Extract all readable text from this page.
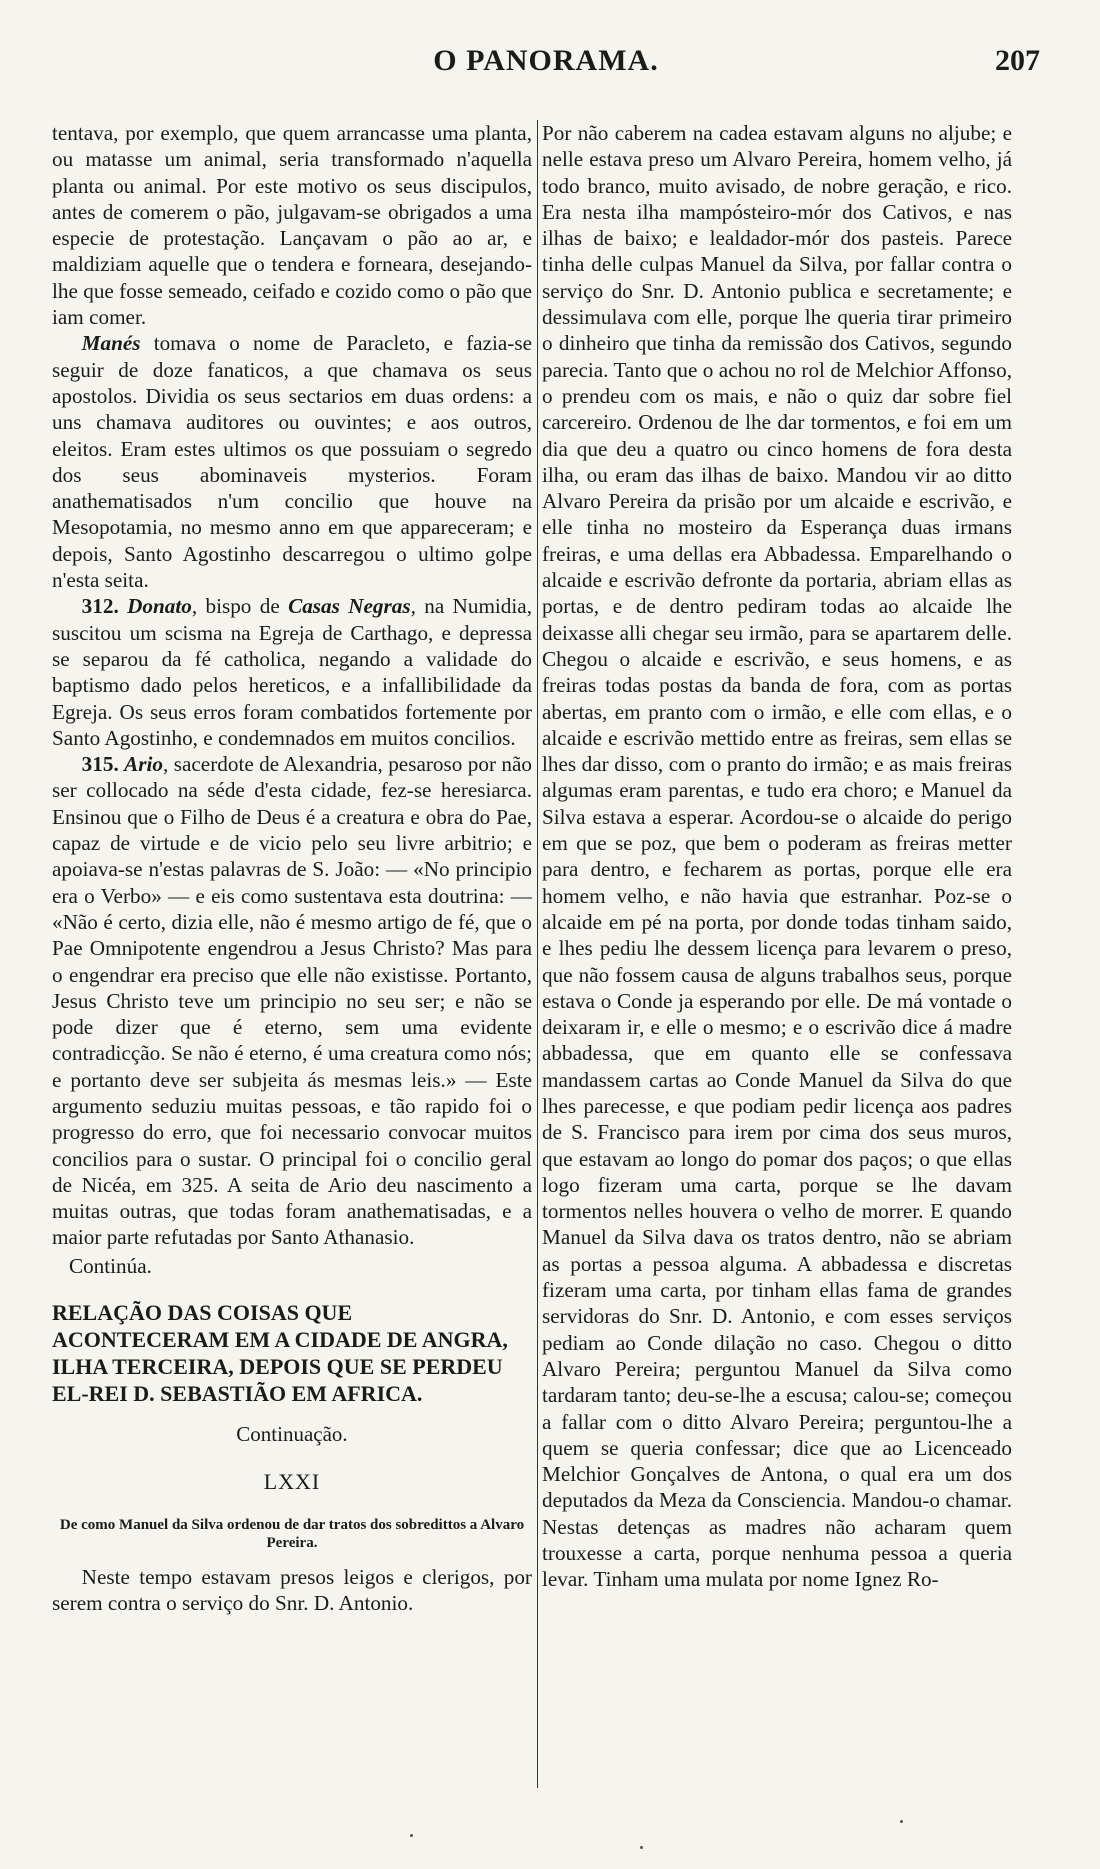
O PANORAMA.	207

tentava, por exemplo, que quem arrancasse uma planta, ou matasse um animal, seria transformado n'aquella planta ou animal. Por este motivo os seus discipulos, antes de comerem o pão, julgavam-se obrigados a uma especie de protestação. Lançavam o pão ao ar, e maldiziam aquelle que o tendera e forneara, desejando-lhe que fosse semeado, ceifado e cozido como o pão que iam comer.

Manés tomava o nome de Paracleto, e fazia-se seguir de doze fanaticos, a que chamava os seus apostolos. Dividia os seus sectarios em duas ordens: a uns chamava auditores ou ouvintes; e aos outros, eleitos. Eram estes ultimos os que possuiam o segredo dos seus abominaveis mysterios. Foram anathematisados n'um concilio que houve na Mesopotamia, no mesmo anno em que appareceram; e depois, Santo Agostinho descarregou o ultimo golpe n'esta seita.

312. Donato, bispo de Casas Negras, na Numidia, suscitou um scisma na Egreja de Carthago, e depressa se separou da fé catholica, negando a validade do baptismo dado pelos hereticos, e a infallibilidade da Egreja. Os seus erros foram combatidos fortemente por Santo Agostinho, e condemnados em muitos concilios.

315. Ario, sacerdote de Alexandria, pesaroso por não ser collocado na séde d'esta cidade, fez-se heresiarca. Ensinou que o Filho de Deus é a creatura e obra do Pae, capaz de virtude e de vicio pelo seu livre arbitrio; e apoiava-se n'estas palavras de S. João: — «No principio era o Verbo» — e eis como sustentava esta doutrina: — «Não é certo, dizia elle, não é mesmo artigo de fé, que o Pae Omnipotente engendrou a Jesus Christo? Mas para o engendrar era preciso que elle não existisse. Portanto, Jesus Christo teve um principio no seu ser; e não se pode dizer que é eterno, sem uma evidente contradicção. Se não é eterno, é uma creatura como nós; e portanto deve ser subjeita ás mesmas leis.» — Este argumento seduziu muitas pessoas, e tão rapido foi o progresso do erro, que foi necessario convocar muitos concilios para o sustar. O principal foi o concilio geral de Nicéa, em 325. A seita de Ario deu nascimento a muitas outras, que todas foram anathematisadas, e a maior parte refutadas por Santo Athanasio.

Continúa.

RELAÇÃO DAS COISAS QUE ACONTECERAM EM A CIDADE DE ANGRA, ILHA TERCEIRA, DEPOIS QUE SE PERDEU EL-REI D. SEBASTIÃO EM AFRICA.

Continuação.

LXXI

De como Manuel da Silva ordenou de dar tratos dos sobredittos a Alvaro Pereira.

Neste tempo estavam presos leigos e clerigos, por serem contra o serviço do Snr. D. Antonio.

Por não caberem na cadea estavam alguns no aljube; e nelle estava preso um Alvaro Pereira, homem velho, já todo branco, muito avisado, de nobre geração, e rico. Era nesta ilha mampósteiro-mór dos Cativos, e nas ilhas de baixo; e lealdador-mór dos pasteis. Parece tinha delle culpas Manuel da Silva, por fallar contra o serviço do Snr. D. Antonio publica e secretamente; e dessimulava com elle, porque lhe queria tirar primeiro o dinheiro que tinha da remissão dos Cativos, segundo parecia. Tanto que o achou no rol de Melchior Affonso, o prendeu com os mais, e não o quiz dar sobre fiel carcereiro. Ordenou de lhe dar tormentos, e foi em um dia que deu a quatro ou cinco homens de fora desta ilha, ou eram das ilhas de baixo. Mandou vir ao ditto Alvaro Pereira da prisão por um alcaide e escrivão, e elle tinha no mosteiro da Esperança duas irmans freiras, e uma dellas era Abbadessa. Emparelhando o alcaide e escrivão defronte da portaria, abriam ellas as portas, e de dentro pediram todas ao alcaide lhe deixasse alli chegar seu irmão, para se apartarem delle. Chegou o alcaide e escrivão, e seus homens, e as freiras todas postas da banda de fora, com as portas abertas, em pranto com o irmão, e elle com ellas, e o alcaide e escrivão mettido entre as freiras, sem ellas se lhes dar disso, com o pranto do irmão; e as mais freiras algumas eram parentas, e tudo era choro; e Manuel da Silva estava a esperar. Acordou-se o alcaide do perigo em que se poz, que bem o poderam as freiras metter para dentro, e fecharem as portas, porque elle era homem velho, e não havia que estranhar. Poz-se o alcaide em pé na porta, por donde todas tinham saido, e lhes pediu lhe dessem licença para levarem o preso, que não fossem causa de alguns trabalhos seus, porque estava o Conde ja esperando por elle. De má vontade o deixaram ir, e elle o mesmo; e o escrivão dice á madre abbadessa, que em quanto elle se confessava mandassem cartas ao Conde Manuel da Silva do que lhes parecesse, e que podiam pedir licença aos padres de S. Francisco para irem por cima dos seus muros, que estavam ao longo do pomar dos paços; o que ellas logo fizeram uma carta, porque se lhe davam tormentos nelles houvera o velho de morrer. E quando Manuel da Silva dava os tratos dentro, não se abriam as portas a pessoa alguma. A abbadessa e discretas fizeram uma carta, por tinham ellas fama de grandes servidoras do Snr. D. Antonio, e com esses serviços pediam ao Conde dilação no caso. Chegou o ditto Alvaro Pereira; perguntou Manuel da Silva como tardaram tanto; deu-se-lhe a escusa; calou-se; começou a fallar com o ditto Alvaro Pereira; perguntou-lhe a quem se queria confessar; dice que ao Licenceado Melchior Gonçalves de Antona, o qual era um dos deputados da Meza da Consciencia. Mandou-o chamar. Nestas detenças as madres não acharam quem trouxesse a carta, porque nenhuma pessoa a queria levar. Tinham uma mulata por nome Ignez Ro-
